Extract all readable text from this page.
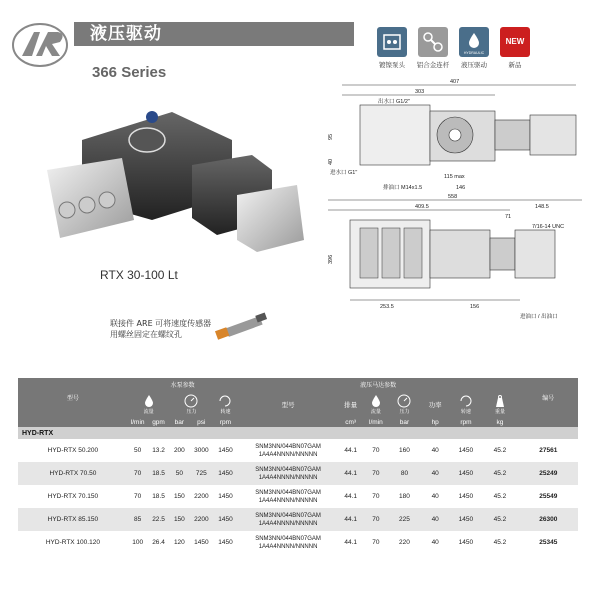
液压驱动
366 Series	镀镍泵头	铝合金连杆
HYDRAULIC
液压驱动
NEW
新品
RTX 30-100 Lt
联接件 ARE 可将速度传感器
用螺丝固定在螺纹孔
407
303
出水口 G1/2"
进水口 G1"
排油口 M14x1.5
95
40
115 max
146
558
409.5	148.5
71
7/16-14 UNC
396
253.5	156
进油口 / 出油口
型号	水泵参数					液压马达参数							编号

流量		压力		转速	型号	排量	流量	压力	功率	转速	重量	
	l/min	gpm	bar	psi	rpm		cm³	l/min	bar	hp	rpm	kg	
HYD-RTX													
HYD-RTX 50.200	50	13.2	200	3000	1450	SNM3NN/044BN07GAM
1A4A4NNNN/NNNNN	44.1	70	160	40	1450	45.2	27561
HYD-RTX 70.50	70	18.5	50	725	1450	SNM3NN/044BN07GAM
1A4A4NNNN/NNNNN	44.1	70	80	40	1450	45.2	25249
HYD-RTX 70.150	70	18.5	150	2200	1450	SNM3NN/044BN07GAM
1A4A4NNNN/NNNNN	44.1	70	180	40	1450	45.2	25549
HYD-RTX 85.150	85	22.5	150	2200	1450	SNM3NN/044BN07GAM
1A4A4NNNN/NNNNN	44.1	70	225	40	1450	45.2	26300
HYD-RTX 100.120	100	26.4	120	1450	1450	SNM3NN/044BN07GAM
1A4A4NNNN/NNNNN	44.1	70	220	40	1450	45.2	25345
